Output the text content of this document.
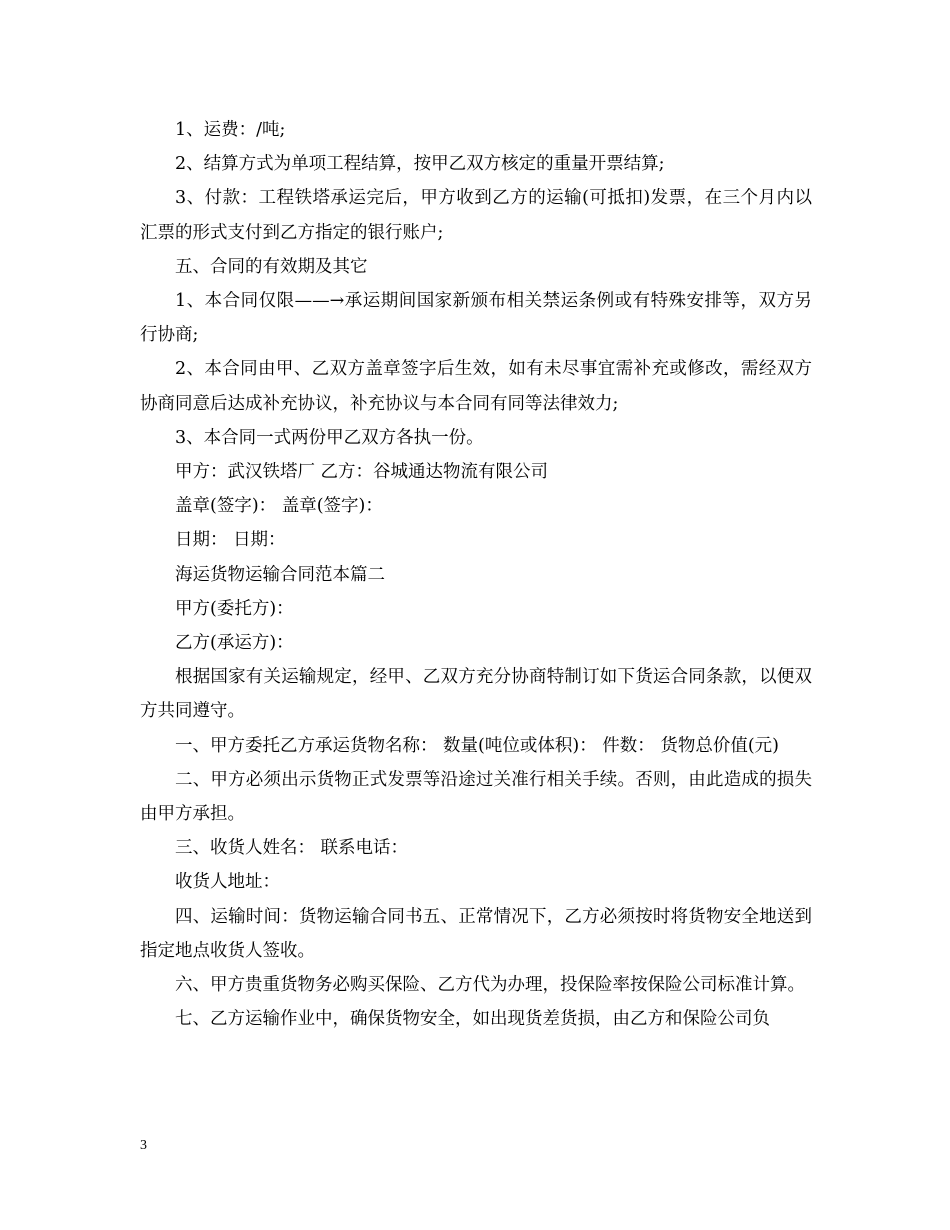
1、运费：/吨;

2、结算方式为单项工程结算，按甲乙双方核定的重量开票结算;

3、付款：工程铁塔承运完后，甲方收到乙方的运输(可抵扣)发票，在三个月内以汇票的形式支付到乙方指定的银行账户;

五、合同的有效期及其它

1、本合同仅限——→承运期间国家新颁布相关禁运条例或有特殊安排等，双方另行协商;

2、本合同由甲、乙双方盖章签字后生效，如有未尽事宜需补充或修改，需经双方协商同意后达成补充协议，补充协议与本合同有同等法律效力;

3、本合同一式两份甲乙双方各执一份。

甲方：武汉铁塔厂 乙方：谷城通达物流有限公司

盖章(签字)： 盖章(签字)：

日期： 日期：

海运货物运输合同范本篇二

甲方(委托方)：

乙方(承运方)：

根据国家有关运输规定，经甲、乙双方充分协商特制订如下货运合同条款，以便双方共同遵守。

一、甲方委托乙方承运货物名称： 数量(吨位或体积)： 件数： 货物总价值(元)

二、甲方必须出示货物正式发票等沿途过关准行相关手续。否则，由此造成的损失由甲方承担。

三、收货人姓名： 联系电话：

收货人地址：

四、运输时间：货物运输合同书五、正常情况下，乙方必须按时将货物安全地送到指定地点收货人签收。

六、甲方贵重货物务必购买保险、乙方代为办理，投保险率按保险公司标准计算。

七、乙方运输作业中，确保货物安全，如出现货差货损，由乙方和保险公司负

3
